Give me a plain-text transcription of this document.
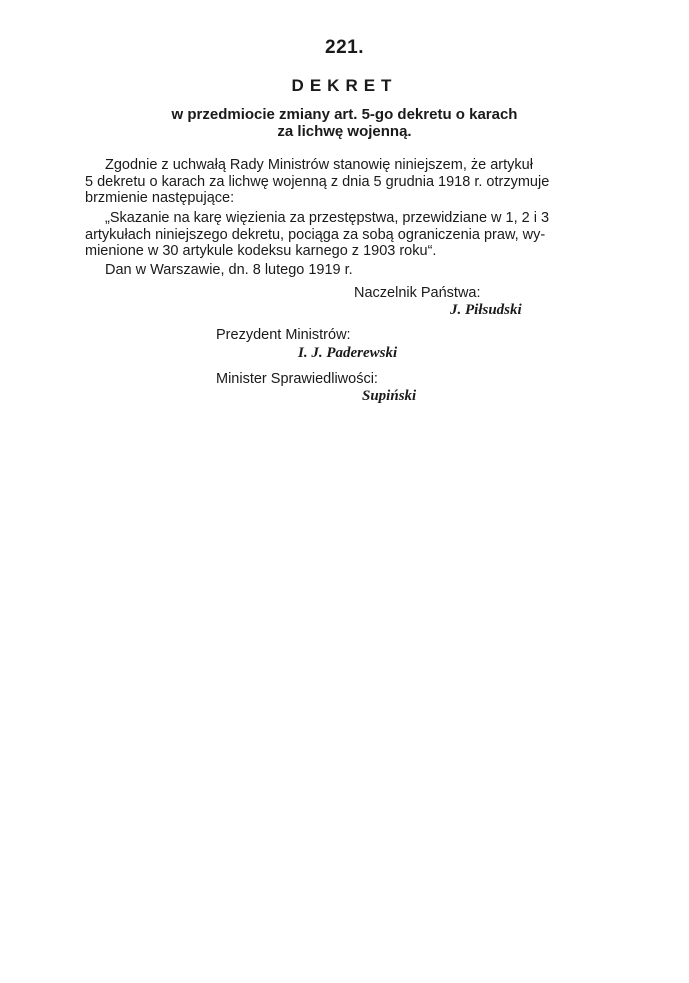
221.
DEKRET
w przedmiocie zmiany art. 5-go dekretu o karach
za lichwę wojenną.
Zgodnie z uchwałą Rady Ministrów stanowię niniejszem, że artykuł
5 dekretu o karach za lichwę wojenną z dnia 5 grudnia 1918 r. otrzymuje
brzmienie następujące:
„Skazanie na karę więzienia za przestępstwa, przewidziane w 1, 2 i 3
artykułach niniejszego dekretu, pociąga za sobą ograniczenia praw, wy-
mienione w 30 artykule kodeksu karnego z 1903 roku“.
Dan w Warszawie, dn. 8 lutego 1919 r.
Naczelnik Państwa:
J. Piłsudski
Prezydent Ministrów:
I. J. Paderewski
Minister Sprawiedliwości:
Supiński
